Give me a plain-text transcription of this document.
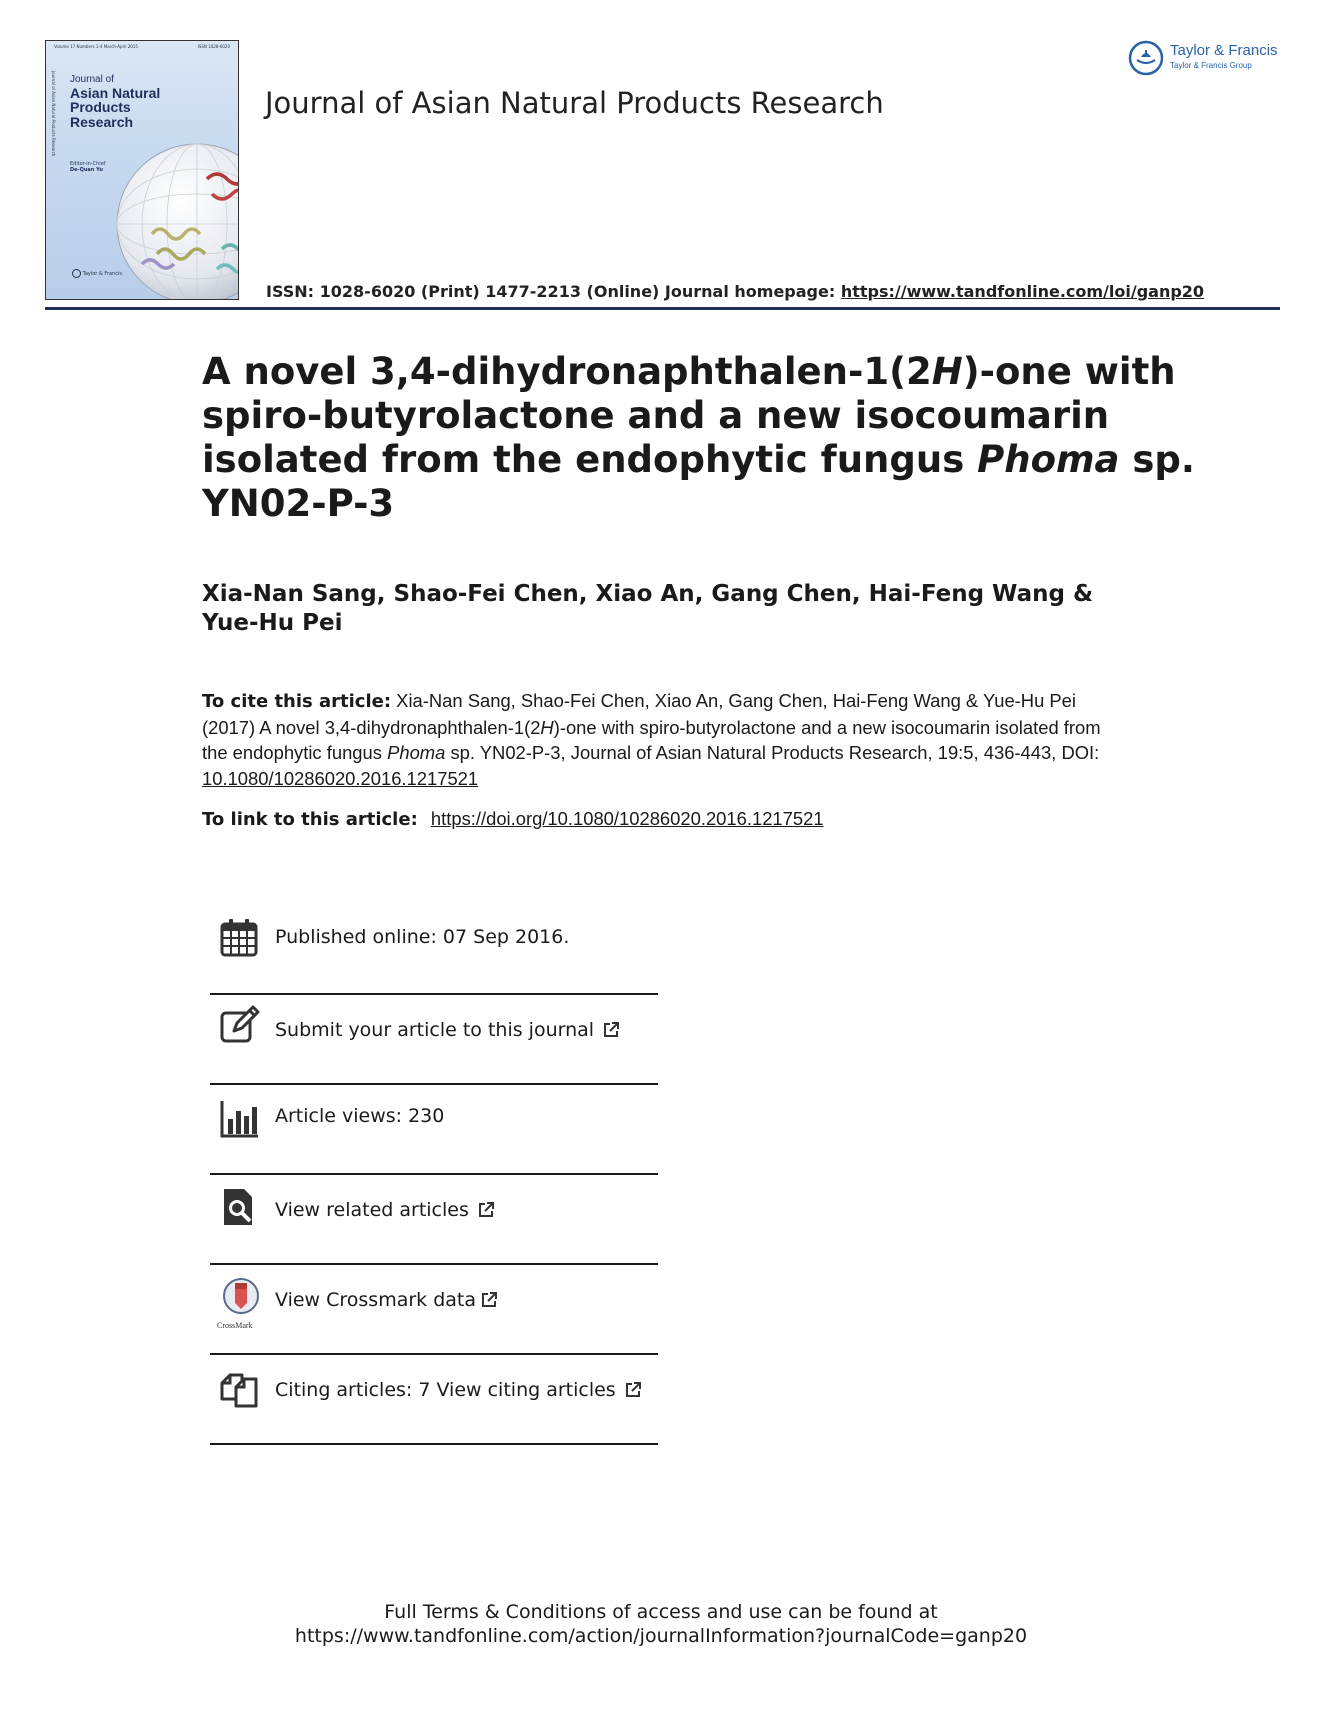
Volume 17 Numbers 1-4 March-April 2015	ISSN 1028-6020
Journal of Asian Natural Products Research Journal of
Asian Natural
Products
Research
Editor-in-Chief
De-Quan Yu
Taylor & Francis
Taylor & Francis
Taylor & Francis Group
Journal of Asian Natural Products Research
ISSN: 1028-6020 (Print) 1477-2213 (Online) Journal homepage: https://www.tandfonline.com/loi/ganp20
A novel 3,4-dihydronaphthalen-1(2H)-one with spiro-butyrolactone and a new isocoumarin isolated from the endophytic fungus Phoma sp. YN02-P-3
Xia-Nan Sang, Shao-Fei Chen, Xiao An, Gang Chen, Hai-Feng Wang & Yue-Hu Pei
To cite this article: Xia-Nan Sang, Shao-Fei Chen, Xiao An, Gang Chen, Hai-Feng Wang & Yue-Hu Pei (2017) A novel 3,4-dihydronaphthalen-1(2H)-one with spiro-butyrolactone and a new isocoumarin isolated from the endophytic fungus Phoma sp. YN02-P-3, Journal of Asian Natural Products Research, 19:5, 436-443, DOI: 10.1080/10286020.2016.1217521
To link to this article: https://doi.org/10.1080/10286020.2016.1217521
Published online: 07 Sep 2016.
Submit your article to this journal
Article views: 230
View related articles
CrossMark
View Crossmark data
Citing articles: 7 View citing articles
Full Terms & Conditions of access and use can be found at
https://www.tandfonline.com/action/journalInformation?journalCode=ganp20
